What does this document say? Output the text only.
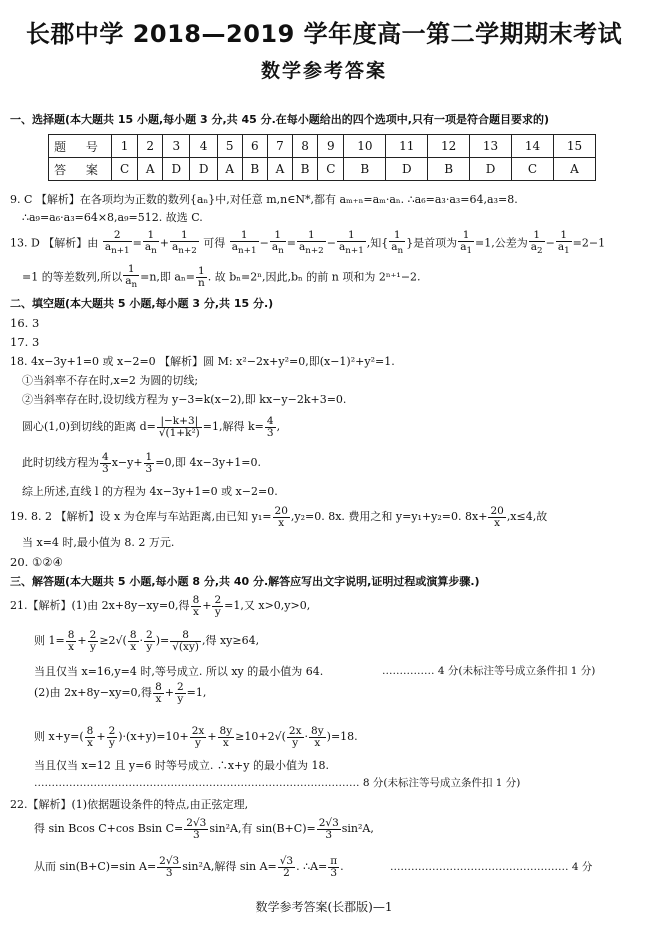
长郡中学 2018—2019 学年度高一第二学期期末考试
数学参考答案
一、选择题(本大题共 15 小题,每小题 3 分,共 45 分.在每小题给出的四个选项中,只有一项是符合题目要求的)
题 号	1	2	3	4	5	6	7	8	9	10	11	12	13	14	15
答 案	C	A	D	D	A	B	A	B	C	B	D	B	D	C	A
9. C 【解析】在各项均为正数的数列{aₙ}中,对任意 m,n∈N*,都有 aₘ₊ₙ=aₘ·aₙ. ∴a₆=a₃·a₃=64,a₃=8.
∴a₉=a₆·a₃=64×8,a₉=512. 故选 C.
13. D 【解析】由 $\frac{2}{a_{n+1}} = \frac{1}{a_n} + \frac{1}{a_{n+2}}$ 可得 $\frac{1}{a_{n+1}} - \frac{1}{a_n} = \frac{1}{a_{n+2}} - \frac{1}{a_{n+1}}$ ,知{ $\frac{1}{a_n}$ }是首项为 $\frac{1}{a_1} =1$,公差为 $\frac{1}{a_2} - \frac{1}{a_1} =2-1$
=1 的等差数列,所以 $\frac{1}{a_n} =n$,即 $a_n= \frac{1}{n}$ . 故 bₙ=2ⁿ,因此,bₙ 的前 n 项和为 2ⁿ⁺¹−2.
二、填空题(本大题共 5 小题,每小题 3 分,共 15 分.)
16. 3
17. 3
18. 4x−3y+1=0 或 x−2=0 【解析】圆 M: x²−2x+y²=0,即(x−1)²+y²=1.
①当斜率不存在时,x=2 为圆的切线;
②当斜率存在时,设切线方程为 y−3=k(x−2),即 kx−y−2k+3=0.
圆心(1,0)到切线的距离 $d= \frac{|-k+3|}{\text{√(1+k²)}} =1$,解得 $k= \frac{4}{3}$ ,
此时切线方程为 $\frac{4}{3} x-y+ \frac{1}{3} =0$,即 4x−3y+1=0.
综上所述,直线 l 的方程为 4x−3y+1=0 或 x−2=0.
19. 8. 2 【解析】设 x 为仓库与车站距离,由已知 $y_1= \frac{20}{x} ,y_2=0$. 8x. 费用之和 y=y₁+y₂=0. $8x+ \frac{20}{x} ,x\le 4$,故
当 x=4 时,最小值为 8. 2 万元.
20. ①②④
三、解答题(本大题共 5 小题,每小题 8 分,共 40 分.解答应写出文字说明,证明过程或演算步骤.)
21.【解析】(1)由 2x+8y−xy=0,得 $\frac{8}{x} + \frac{2}{y} =1$,又 x>0,y>0,
则 $1= \frac{8}{x} + \frac{2}{y} \ge 2√( \frac{8}{x} \cdot \frac{2}{y}$ )= $\frac{8}{√(xy)}$ ,得 xy≥64,
当且仅当 x=16,y=4 时,等号成立. 所以 xy 的最小值为 64.	…………… 4 分(未标注等号成立条件扣 1 分)
(2)由 2x+8y−xy=0,得 $\frac{8}{x} + \frac{2}{y} =1$,
则 $x+y=( \frac{8}{x} + \frac{2}{y} )\cdot(x+y)=10+ \frac{2x}{y} + \frac{8y}{x} \ge 10+2√( \frac{2x}{y} \cdot \frac{8y}{x} )=18$.
当且仅当 x=12 且 y=6 时等号成立. ∴x+y 的最小值为 18.
………………………………………………………………………………… 8 分(未标注等号成立条件扣 1 分)
22.【解析】(1)依据题设条件的特点,由正弦定理,
得 sin Bcos C+cos Bsin $C= \frac{2√3}{3} \sin^2A$,有 $\sin(B+C)= \frac{2√3}{3} \sin^2A$,
从而 sin(B+C)=sin $A= \frac{2√3}{3} \sin^2A$,解得 $\sin A= \frac{√3}{2}$ . ∴A= $\frac{\pi}{3}$ .	…………………………………………… 4 分
数学参考答案(长郡版)—1
